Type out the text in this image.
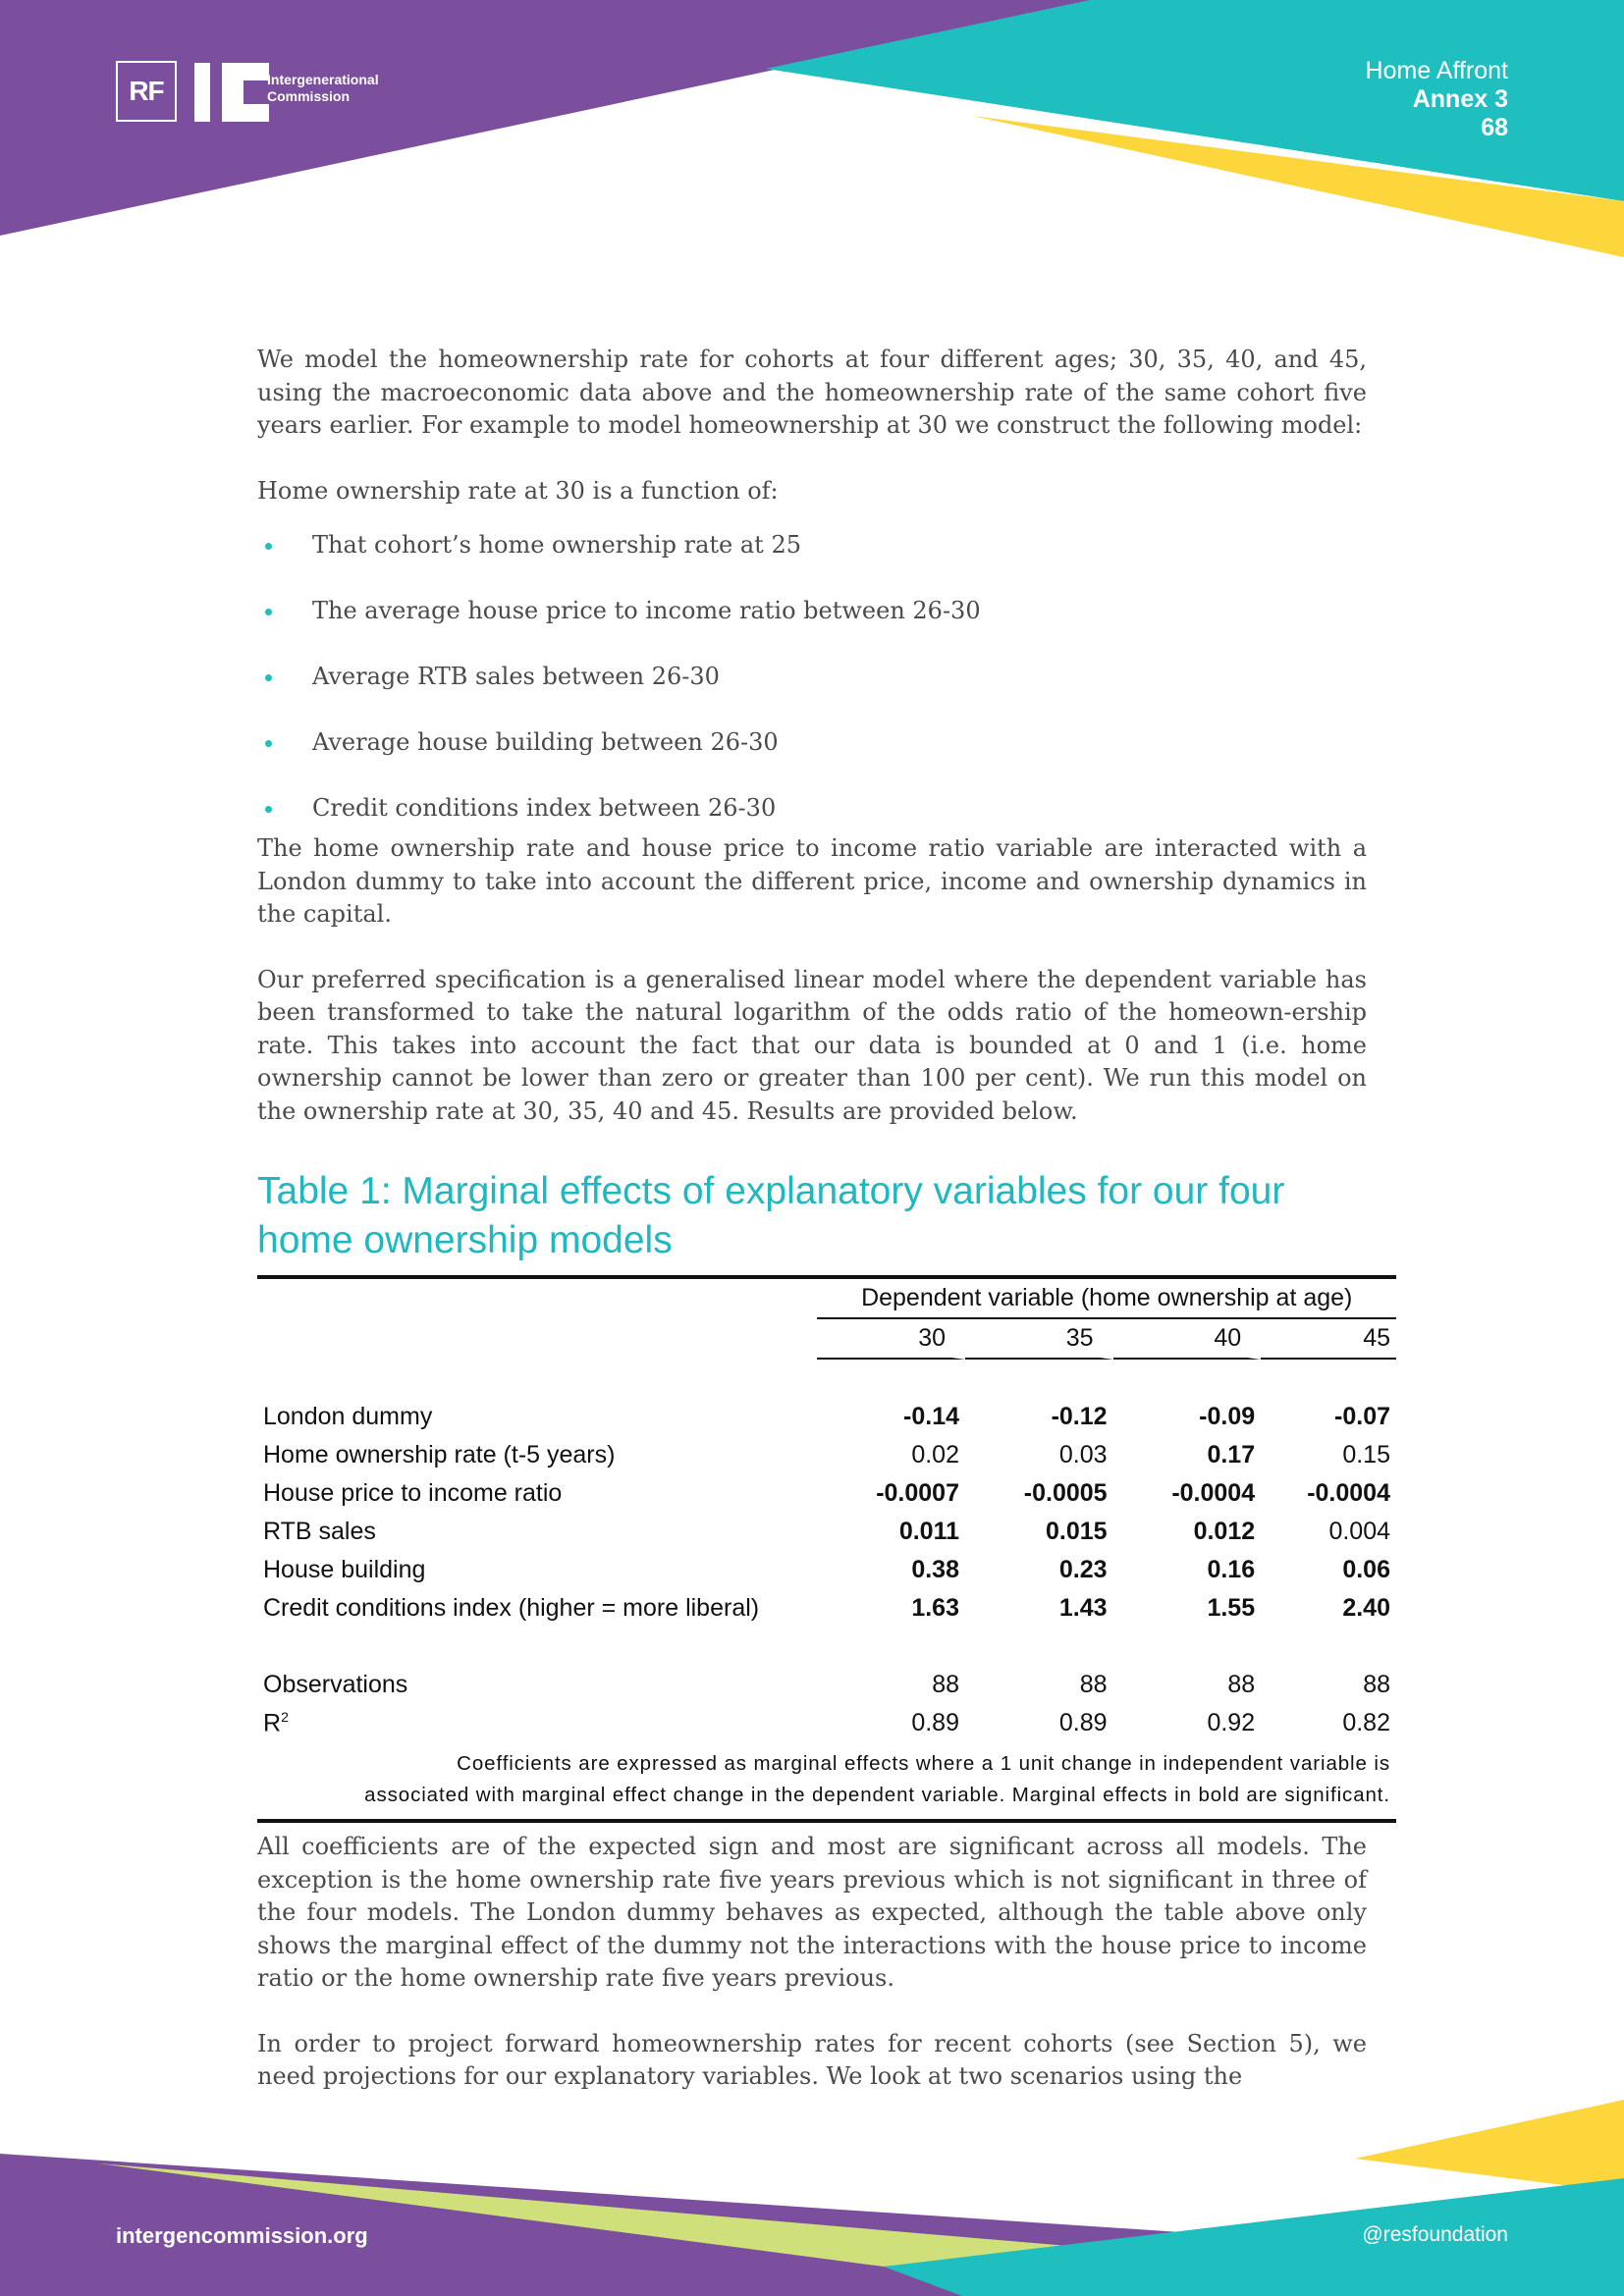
RF	Intergenerational
Commission
Home Affront
Annex 3
68

We model the homeownership rate for cohorts at four different ages; 30, 35, 40, and 45, using the macroeconomic data above and the homeownership rate of the same cohort five years earlier. For example to model homeownership at 30 we construct the following model:

Home ownership rate at 30 is a function of:

That cohort’s home ownership rate at 25
The average house price to income ratio between 26-30
Average RTB sales between 26-30
Average house building between 26-30
Credit conditions index between 26-30

The home ownership rate and house price to income ratio variable are interacted with a London dummy to take into account the different price, income and ownership dynamics in the capital.

Our preferred specification is a generalised linear model where the dependent variable has been transformed to take the natural logarithm of the odds ratio of the homeown-ership rate. This takes into account the fact that our data is bounded at 0 and 1 (i.e. home ownership cannot be lower than zero or greater than 100 per cent). We run this model on the ownership rate at 30, 35, 40 and 45. Results are provided below.

Table 1: Marginal effects of explanatory variables for our four home ownership models
	Dependent variable (home ownership at age)			
	30	35	40	45

London dummy	-0.14	-0.12	-0.09	-0.07
Home ownership rate (t-5 years)	0.02	0.03	0.17	0.15
House price to income ratio	-0.0007	-0.0005	-0.0004	-0.0004
RTB sales	0.011	0.015	0.012	0.004
House building	0.38	0.23	0.16	0.06
Credit conditions index (higher = more liberal)	1.63	1.43	1.55	2.40

Observations	88	88	88	88
$R^2$	0.89	0.89	0.92	0.82
Coefficients are expressed as marginal effects where a 1 unit change in independent variable is
associated with marginal effect change in the dependent variable. Marginal effects in bold are significant.

All coefficients are of the expected sign and most are significant across all models. The exception is the home ownership rate five years previous which is not significant in three of the four models. The London dummy behaves as expected, although the table above only shows the marginal effect of the dummy not the interactions with the house price to income ratio or the home ownership rate five years previous.

In order to project forward homeownership rates for recent cohorts (see Section 5), we need projections for our explanatory variables. We look at two scenarios using the

intergencommission.org	@resfoundation
